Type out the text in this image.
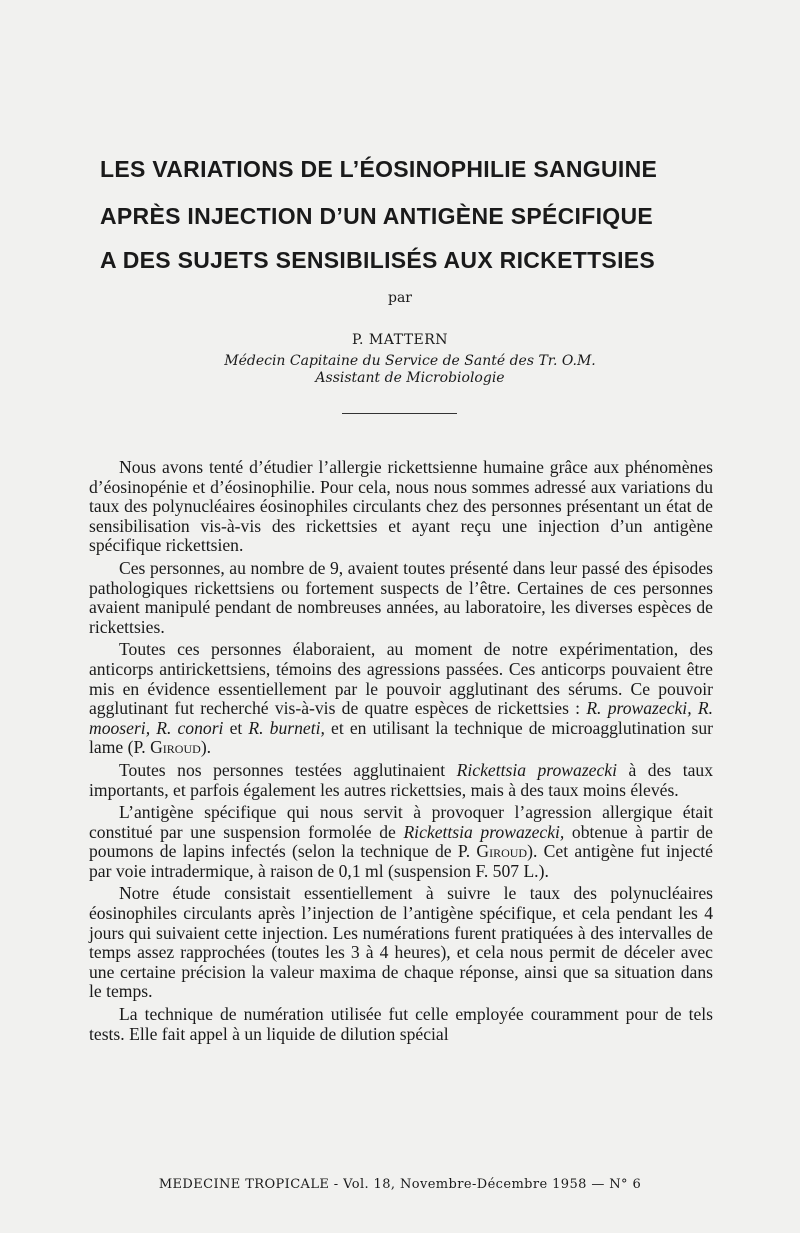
LES VARIATIONS DE L’ÉOSINOPHILIE SANGUINE
APRÈS INJECTION D’UN ANTIGÈNE SPÉCIFIQUE
A DES SUJETS SENSIBILISÉS AUX RICKETTSIES
par
P. MATTERN
Médecin Capitaine du Service de Santé des Tr. O.M.
Assistant de Microbiologie

Nous avons tenté d’étudier l’allergie rickettsienne humaine grâce aux phénomènes d’éosinopénie et d’éosinophilie. Pour cela, nous nous sommes adressé aux variations du taux des polynucléaires éosinophiles circulants chez des personnes présentant un état de sensibilisation vis-à-vis des rickettsies et ayant reçu une injection d’un antigène spécifique rickettsien.

Ces personnes, au nombre de 9, avaient toutes présenté dans leur passé des épisodes pathologiques rickettsiens ou fortement suspects de l’être. Certaines de ces personnes avaient manipulé pendant de nombreuses années, au laboratoire, les diverses espèces de rickettsies.

Toutes ces personnes élaboraient, au moment de notre expérimentation, des anticorps antirickettsiens, témoins des agressions passées. Ces anticorps pouvaient être mis en évidence essentiellement par le pouvoir agglutinant des sérums. Ce pouvoir agglutinant fut recherché vis-à-vis de quatre espèces de rickettsies : R. prowazecki, R. mooseri, R. conori et R. burneti, et en utilisant la technique de microagglutination sur lame (P. Giroud).

Toutes nos personnes testées agglutinaient Rickettsia prowazecki à des taux importants, et parfois également les autres rickettsies, mais à des taux moins élevés.

L’antigène spécifique qui nous servit à provoquer l’agression allergique était constitué par une suspension formolée de Rickettsia prowazecki, obtenue à partir de poumons de lapins infectés (selon la technique de P. Giroud). Cet antigène fut injecté par voie intradermique, à raison de 0,1 ml (suspension F. 507 L.).

Notre étude consistait essentiellement à suivre le taux des polynucléaires éosinophiles circulants après l’injection de l’antigène spécifique, et cela pendant les 4 jours qui suivaient cette injection. Les numérations furent pratiquées à des intervalles de temps assez rapprochées (toutes les 3 à 4 heures), et cela nous permit de déceler avec une certaine précision la valeur maxima de chaque réponse, ainsi que sa situation dans le temps.

La technique de numération utilisée fut celle employée couramment pour de tels tests. Elle fait appel à un liquide de dilution spécial

MEDECINE TROPICALE - Vol. 18, Novembre-Décembre 1958 — N° 6
